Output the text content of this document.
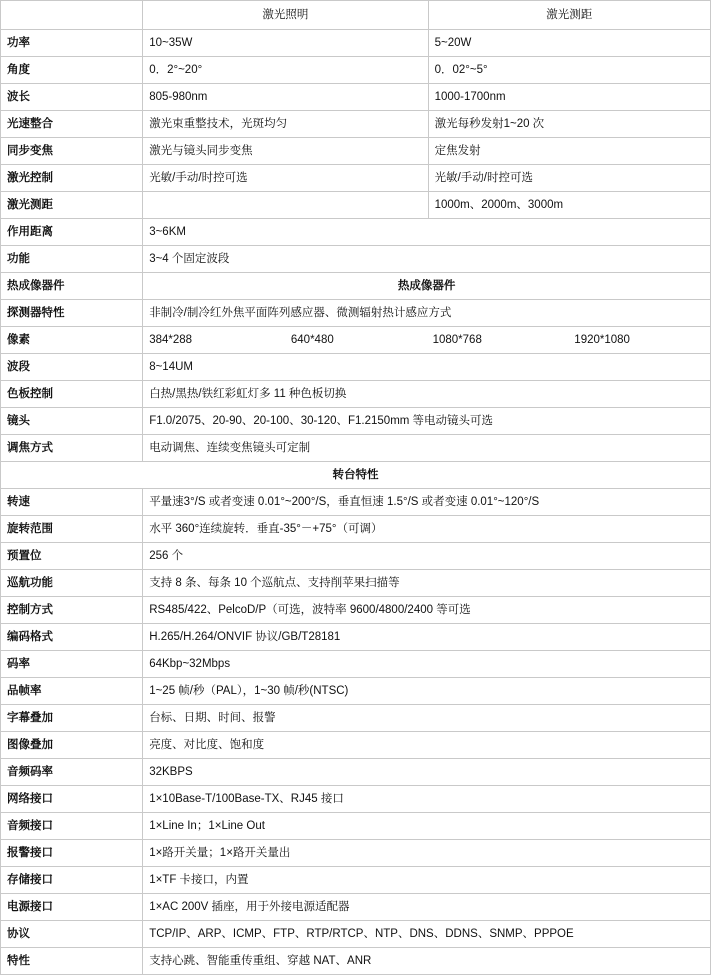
	激光照明	激光测距
功率	10~35W	5~20W
角度	0．2°~20°	0．02°~5°
波长	805-980nm	1000-1700nm
光速整合	激光束重整技术，光斑均匀	激光每秒发射1~20 次
同步变焦	激光与镜头同步变焦	定焦发射
激光控制	光敏/手动/时控可选	光敏/手动/时控可选
激光测距		1000m、2000m、3000m
作用距离	3~6KM	
功能	3~4 个固定波段	
热成像器件	热成像器件	
探测器特性	非制冷/制冷红外焦平面阵列感应器、微测辐射热计感应方式	
像素	384*288 640*480 1080*768 1920*1080	

波段	8~14UM	
色板控制	白热/黑热/铁红彩虹灯多 11 种色板切换	
镜头	F1.0/2075、20-90、20-100、30-120、F1.2150mm 等电动镜头可选	
调焦方式	电动调焦、连续变焦镜头可定制	
转台特性		
转速	平量速3°/S 或者变速 0.01°~200°/S，垂直恒速 1.5°/S 或者变速 0.01°~120°/S	
旋转范围	水平 360°连续旋转．垂直-35°－+75°（可调）	
预置位	256 个	
巡航功能	支持 8 条、每条 10 个巡航点、支持削苹果扫描等	
控制方式	RS485/422、PelcoD/P（可选，波特率 9600/4800/2400 等可选	
编码格式	H.265/H.264/ONVIF 协议/GB/T28181	
码率	64Kbp~32Mbps	
品帧率	1~25 帧/秒（PAL），1~30 帧/秒(NTSC)	
字幕叠加	台标、日期、时间、报警	
图像叠加	亮度、对比度、饱和度	
音频码率	32KBPS	
网络接口	1×10Base-T/100Base-TX、RJ45 接口	
音频接口	1×Line In；1×Line Out	
报警接口	1×路开关量；1×路开关量出	
存储接口	1×TF 卡接口，内置	
电源接口	1×AC 200V 插座，用于外接电源适配器	
协议	TCP/IP、ARP、ICMP、FTP、RTP/RTCP、NTP、DNS、DDNS、SNMP、PPPOE	
特性	支持心跳、智能重传重组、穿越 NAT、ANR	
